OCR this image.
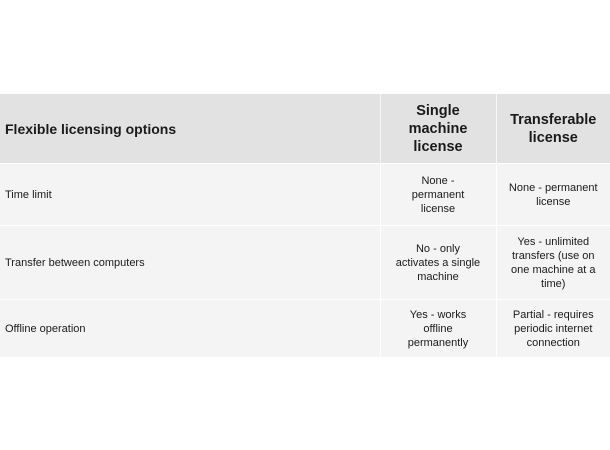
Flexible licensing options	Single machine license	Transferable license
Time limit	None - permanent license	None - permanent license
Transfer between computers	No - only activates a single machine	Yes - unlimited transfers (use on one machine at a time)
Offline operation	Yes - works offline permanently	Partial - requires periodic internet connection
